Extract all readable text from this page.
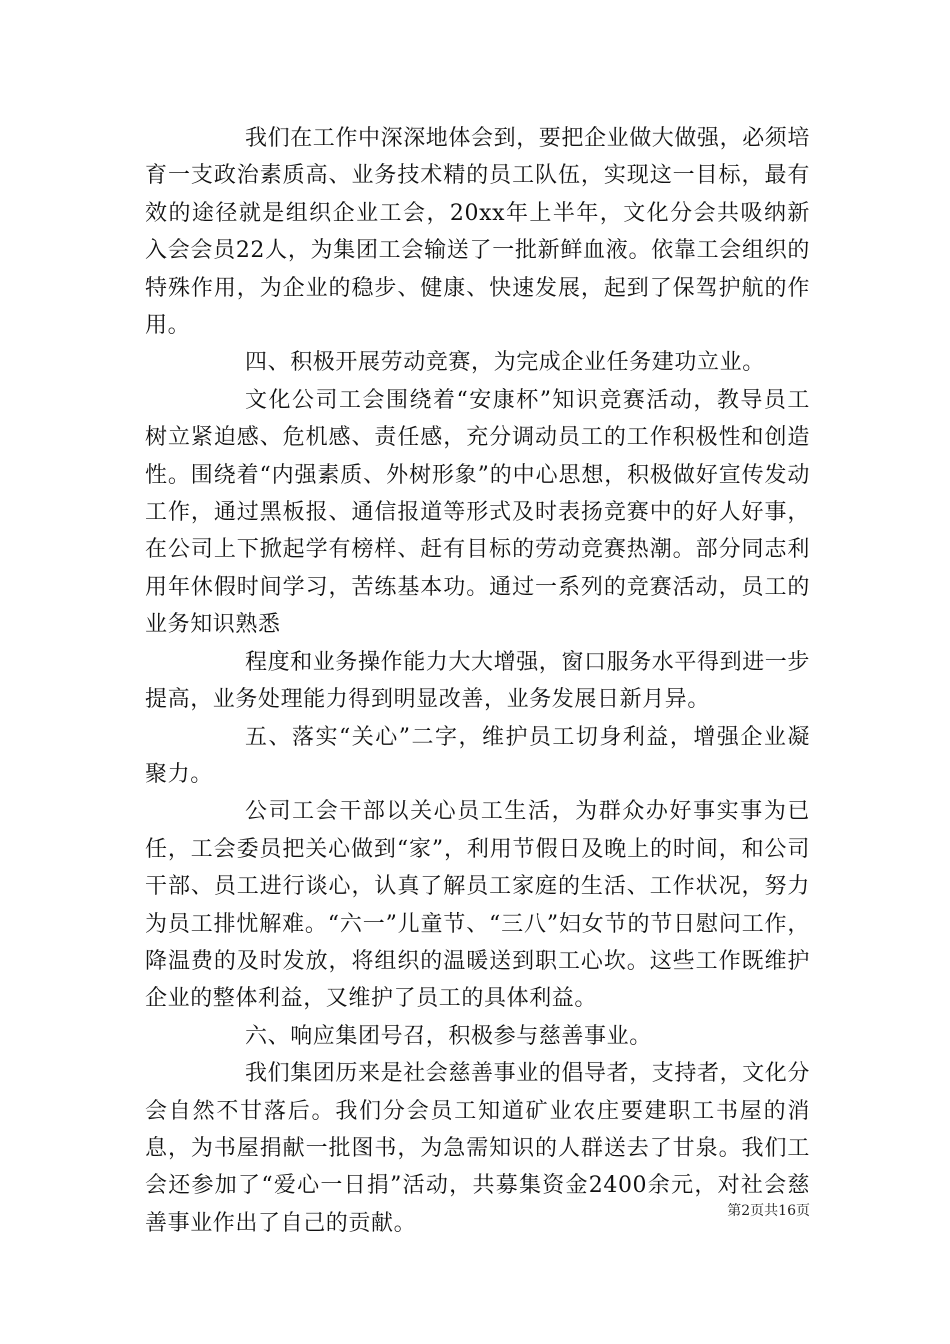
我们在工作中深深地体会到，要把企业做大做强，必须培育一支政治素质高、业务技术精的员工队伍，实现这一目标，最有效的途径就是组织企业工会，20xx年上半年，文化分会共吸纳新入会会员22人，为集团工会输送了一批新鲜血液。依靠工会组织的特殊作用，为企业的稳步、健康、快速发展，起到了保驾护航的作用。

四、积极开展劳动竞赛，为完成企业任务建功立业。

文化公司工会围绕着“安康杯”知识竞赛活动，教导员工树立紧迫感、危机感、责任感，充分调动员工的工作积极性和创造性。围绕着“内强素质、外树形象”的中心思想，积极做好宣传发动工作，通过黑板报、通信报道等形式及时表扬竞赛中的好人好事，在公司上下掀起学有榜样、赶有目标的劳动竞赛热潮。部分同志利用年休假时间学习，苦练基本功。通过一系列的竞赛活动，员工的业务知识熟悉

程度和业务操作能力大大增强，窗口服务水平得到进一步提高，业务处理能力得到明显改善，业务发展日新月异。

五、落实“关心”二字，维护员工切身利益，增强企业凝聚力。

公司工会干部以关心员工生活，为群众办好事实事为已任，工会委员把关心做到“家”，利用节假日及晚上的时间，和公司干部、员工进行谈心，认真了解员工家庭的生活、工作状况，努力为员工排忧解难。“六一”儿童节、“三八”妇女节的节日慰问工作，降温费的及时发放，将组织的温暖送到职工心坎。这些工作既维护企业的整体利益，又维护了员工的具体利益。

六、响应集团号召，积极参与慈善事业。

我们集团历来是社会慈善事业的倡导者，支持者，文化分会自然不甘落后。我们分会员工知道矿业农庄要建职工书屋的消息，为书屋捐献一批图书，为急需知识的人群送去了甘泉。我们工会还参加了“爱心一日捐”活动，共募集资金2400余元，对社会慈善事业作出了自己的贡献。	第2页共16页
